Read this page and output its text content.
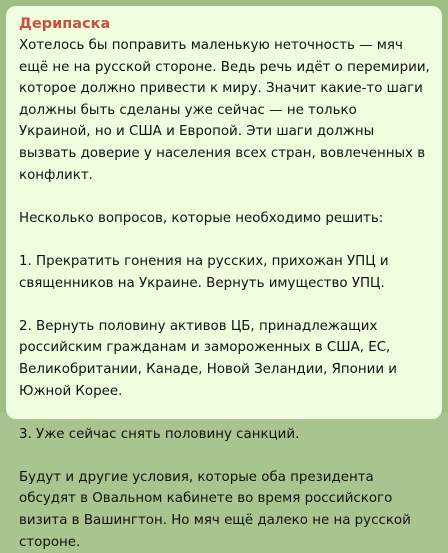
Дерипаска

Хотелось бы поправить маленькую неточность — мяч ещё не на русской стороне. Ведь речь идёт о перемирии, которое должно привести к миру. Значит какие-то шаги должны быть сделаны уже сейчас — не только Украиной, но и США и Европой. Эти шаги должны вызвать доверие у населения всех стран, вовлеченных в конфликт.

Несколько вопросов, которые необходимо решить:

1. Прекратить гонения на русских, прихожан УПЦ и священников на Украине. Вернуть имущество УПЦ.

2. Вернуть половину активов ЦБ, принадлежащих российским гражданам и замороженных в США, ЕС, Великобритании, Канаде, Новой Зеландии, Японии и Южной Корее.

3. Уже сейчас снять половину санкций.

Будут и другие условия, которые оба президента обсудят в Овальном кабинете во время российского визита в Вашингтон. Но мяч ещё далеко не на русской стороне.
